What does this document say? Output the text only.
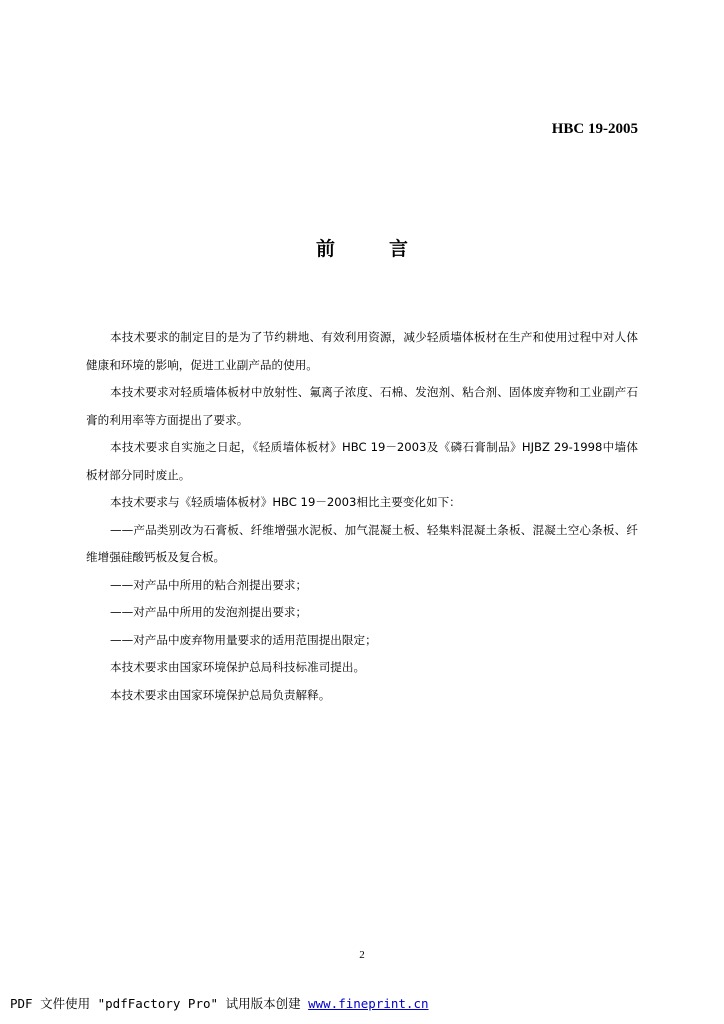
HBC 19-2005
前	言

本技术要求的制定目的是为了节约耕地、有效利用资源，减少轻质墙体板材在生产和使用过程中对人体健康和环境的影响，促进工业副产品的使用。

本技术要求对轻质墙体板材中放射性、氟离子浓度、石棉、发泡剂、粘合剂、固体废弃物和工业副产石膏的利用率等方面提出了要求。

本技术要求自实施之日起，《轻质墙体板材》HBC 19－2003及《磷石膏制品》HJBZ 29-1998中墙体板材部分同时废止。

本技术要求与《轻质墙体板材》HBC 19－2003相比主要变化如下：

——产品类别改为石膏板、纤维增强水泥板、加气混凝土板、轻集料混凝土条板、混凝土空心条板、纤维增强硅酸钙板及复合板。

——对产品中所用的粘合剂提出要求；

——对产品中所用的发泡剂提出要求；

——对产品中废弃物用量要求的适用范围提出限定；

本技术要求由国家环境保护总局科技标准司提出。

本技术要求由国家环境保护总局负责解释。

2
PDF 文件使用 "pdfFactory Pro" 试用版本创建 www.fineprint.cn
